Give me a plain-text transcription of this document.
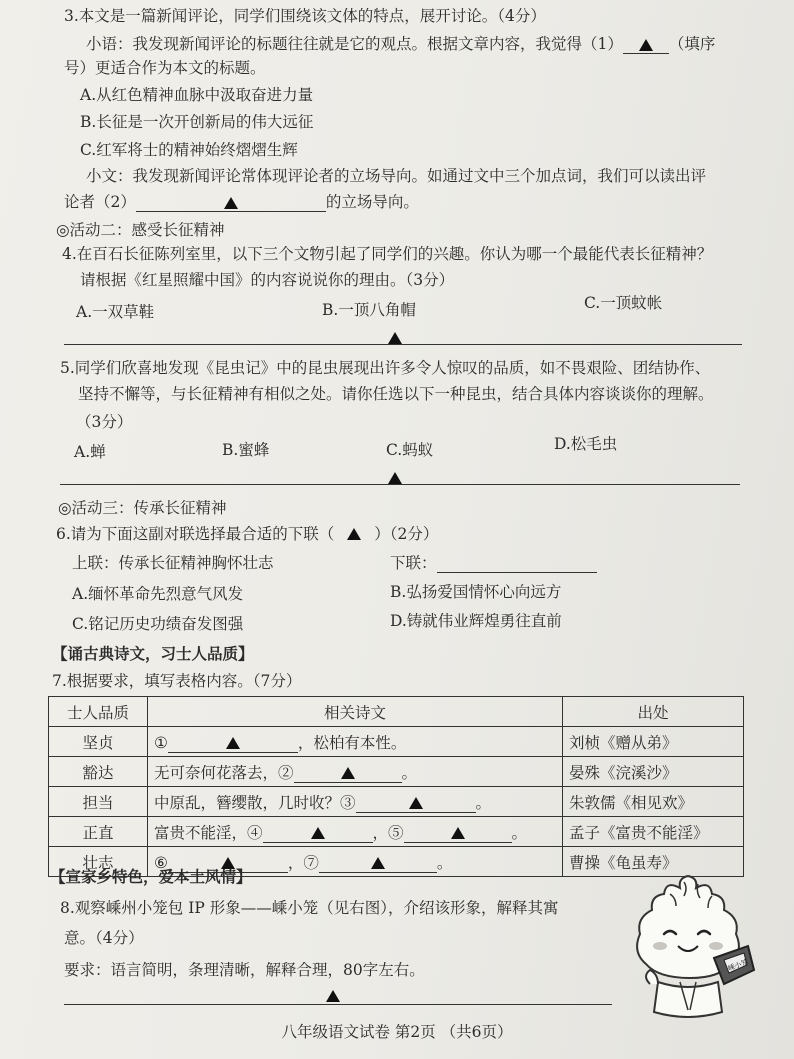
3.本文是一篇新闻评论，同学们围绕该文体的特点，展开讨论。（4分）
小语：我发现新闻评论的标题往往就是它的观点。根据文章内容，我觉得（1）	（填序
号）更适合作为本文的标题。
A.从红色精神血脉中汲取奋进力量
B.长征是一次开创新局的伟大远征
C.红军将士的精神始终熠熠生辉
小文：我发现新闻评论常体现评论者的立场导向。如通过文中三个加点词，我们可以读出评
论者（2）	的立场导向。
◎活动二：感受长征精神
4.在百石长征陈列室里，以下三个文物引起了同学们的兴趣。你认为哪一个最能代表长征精神？
请根据《红星照耀中国》的内容说说你的理由。（3分）
A.一双草鞋	B.一顶八角帽	C.一顶蚊帐
5.同学们欣喜地发现《昆虫记》中的昆虫展现出许多令人惊叹的品质，如不畏艰险、团结协作、
坚持不懈等，与长征精神有相似之处。请你任选以下一种昆虫，结合具体内容谈谈你的理解。
（3分）
A.蝉	B.蜜蜂	C.蚂蚁	D.松毛虫
◎活动三：传承长征精神
6.请为下面这副对联选择最合适的下联（	）（2分）
上联：传承长征精神胸怀壮志	下联：
A.缅怀革命先烈意气风发	B.弘扬爱国情怀心向远方
C.铭记历史功绩奋发图强	D.铸就伟业辉煌勇往直前
【诵古典诗文，习士人品质】
7.根据要求，填写表格内容。（7分）
士人品质	相关诗文	出处
坚贞	① ，松柏有本性。	刘桢《赠从弟》
豁达	无可奈何花落去，② 。	晏殊《浣溪沙》
担当	中原乱，簪缨散，几时收？③ 。	朱敦儒《相见欢》
正直	富贵不能淫，④ ，⑤ 。	孟子《富贵不能淫》
壮志	⑥ ，⑦ 。	曹操《龟虽寿》
【宣家乡特色，爱本土风情】
8.观察嵊州小笼包 IP 形象——嵊小笼（见右图），介绍该形象，解释其寓
意。（4分）
要求：语言简明，条理清晰，解释合理，80字左右。	嵊小笼
八年级语文试卷 第2页 （共6页）
